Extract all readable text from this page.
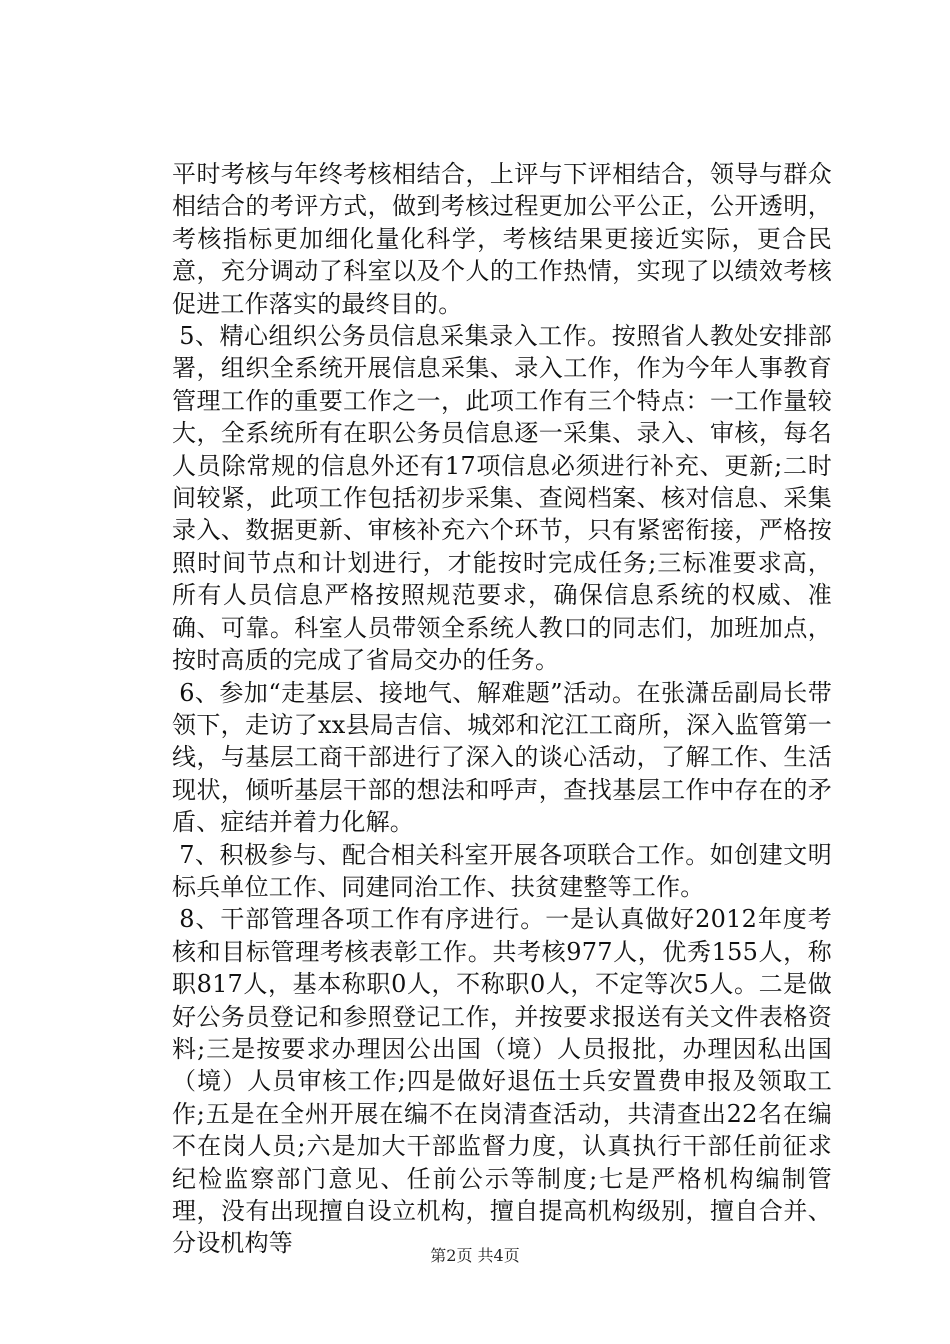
平时考核与年终考核相结合，上评与下评相结合，领导与群众相结合的考评方式，做到考核过程更加公平公正，公开透明，考核指标更加细化量化科学，考核结果更接近实际，更合民意，充分调动了科室以及个人的工作热情，实现了以绩效考核促进工作落实的最终目的。

5、精心组织公务员信息采集录入工作。按照省人教处安排部署，组织全系统开展信息采集、录入工作，作为今年人事教育管理工作的重要工作之一，此项工作有三个特点：一工作量较大，全系统所有在职公务员信息逐一采集、录入、审核，每名人员除常规的信息外还有17项信息必须进行补充、更新;二时间较紧，此项工作包括初步采集、查阅档案、核对信息、采集录入、数据更新、审核补充六个环节，只有紧密衔接，严格按照时间节点和计划进行，才能按时完成任务;三标准要求高，所有人员信息严格按照规范要求，确保信息系统的权威、准确、可靠。科室人员带领全系统人教口的同志们，加班加点，按时高质的完成了省局交办的任务。

6、参加“走基层、接地气、解难题”活动。在张潇岳副局长带领下，走访了xx县局吉信、城郊和沱江工商所，深入监管第一线，与基层工商干部进行了深入的谈心活动，了解工作、生活现状，倾听基层干部的想法和呼声，查找基层工作中存在的矛盾、症结并着力化解。

7、积极参与、配合相关科室开展各项联合工作。如创建文明标兵单位工作、同建同治工作、扶贫建整等工作。

8、干部管理各项工作有序进行。一是认真做好2012年度考核和目标管理考核表彰工作。共考核977人，优秀155人，称职817人，基本称职0人，不称职0人，不定等次5人。二是做好公务员登记和参照登记工作，并按要求报送有关文件表格资料;三是按要求办理因公出国（境）人员报批，办理因私出国（境）人员审核工作;四是做好退伍士兵安置费申报及领取工作;五是在全州开展在编不在岗清查活动，共清查出22名在编不在岗人员;六是加大干部监督力度，认真执行干部任前征求纪检监察部门意见、任前公示等制度;七是严格机构编制管理，没有出现擅自设立机构，擅自提高机构级别，擅自合并、分设机构等	第2页 共4页
